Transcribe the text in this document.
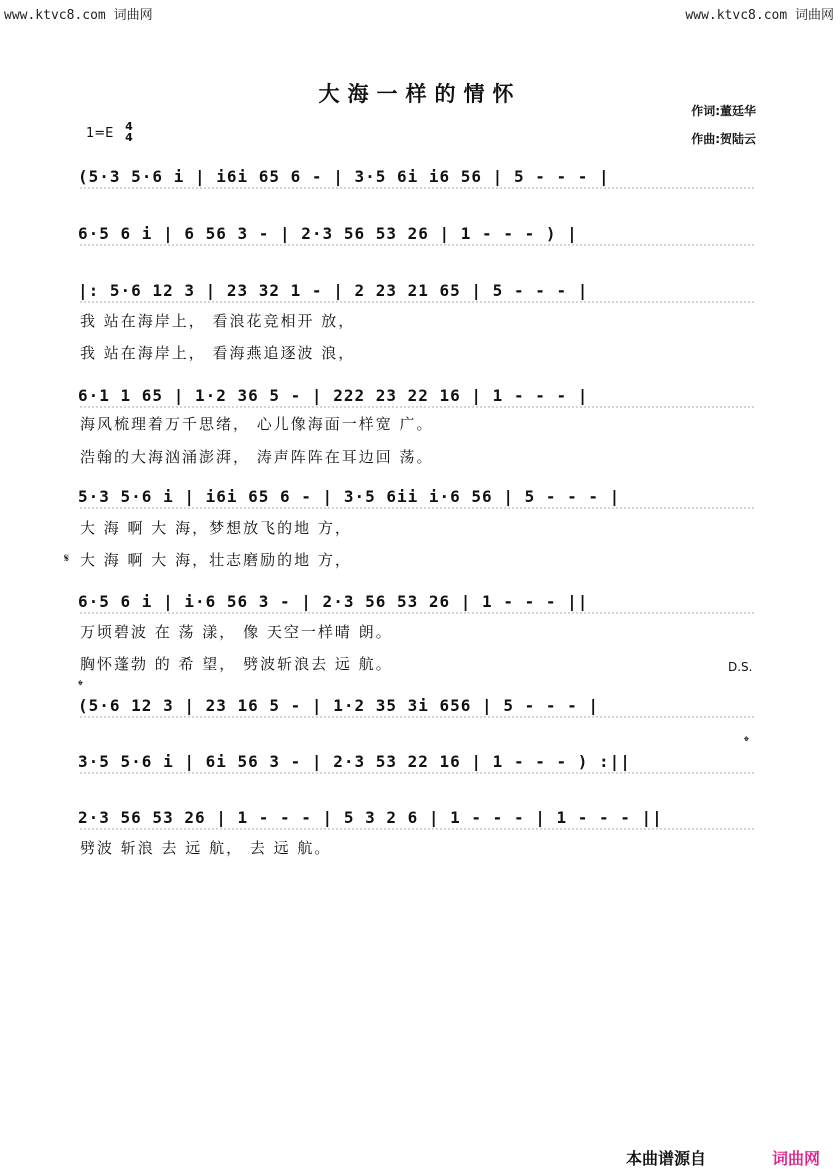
www.ktvc8.com 词曲网	www.ktvc8.com 词曲网
大海一样的情怀
作词:董廷华
作曲:贺陆云
1=E 4
4
(5·3 5·6 i | i6i 65 6 - | 3·5 6i i6 56 | 5 - - - |
6·5 6 i | 6 56 3 - | 2·3 56 53 26 | 1 - - - ) |
|: 5·6 12 3 | 23 32 1 - | 2 23 21 65 | 5 - - - |
我 站在海岸上， 看浪花竞相开 放，
我 站在海岸上， 看海燕追逐波 浪，
6·1 1 65 | 1·2 36 5 - | 222 23 22 16 | 1 - - - |
海风梳理着万千思绪， 心儿像海面一样宽 广。
浩翰的大海汹涌澎湃， 涛声阵阵在耳边回 荡。
5·3 5·6 i | i6i 65 6 - | 3·5 6ii i·6 56 | 5 - - - |
大 海 啊 大 海，梦想放飞的地 方，
𝄋 大 海 啊 大 海，壮志磨励的地 方，
6·5 6 i | i·6 56 3 - | 2·3 56 53 26 | 1 - - - ||
万顷碧波 在 荡 漾， 像 天空一样晴 朗。
胸怀蓬勃 的 希 望， 劈波斩浪去 远 航。	D.S.
𝄌
(5·6 12 3 | 23 16 5 - | 1·2 35 3i 656 | 5 - - - |
𝄌
3·5 5·6 i | 6i 56 3 - | 2·3 53 22 16 | 1 - - - ) :||
2·3 56 53 26 | 1 - - - | 5 3 2 6 | 1 - - - | 1 - - - ||
劈波 斩浪 去 远 航， 去 远 航。
本曲谱源自	词曲网
